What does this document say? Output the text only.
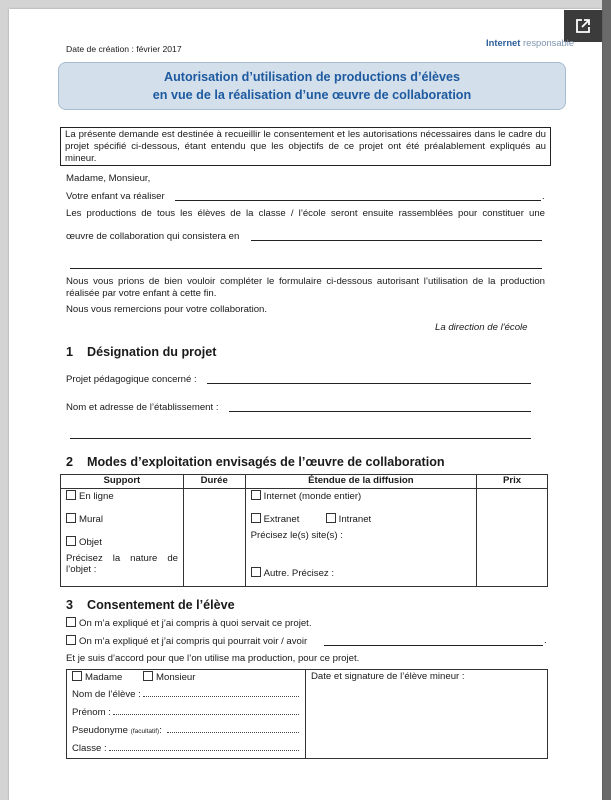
Date de création : février 2017
Internet responsable
Autorisation d’utilisation de productions d’élèves
en vue de la réalisation d’une œuvre de collaboration
La présente demande est destinée à recueillir le consentement et les autorisations nécessaires dans le cadre du projet spécifié ci-dessous, étant entendu que les objectifs de ce projet ont été préalablement expliqués au mineur.
Madame, Monsieur,
Votre enfant va réaliser	.
Les productions de tous les élèves de la classe / l’école seront ensuite rassemblées pour constituer une
œuvre de collaboration qui consistera en
Nous vous prions de bien vouloir compléter le formulaire ci-dessous autorisant l’utilisation de la production réalisée par votre enfant à cette fin.
Nous vous remercions pour votre collaboration.
La direction de l'école
1 Désignation du projet
Projet pédagogique concerné :
Nom et adresse de l’établissement :
2 Modes d’exploitation envisagés de l’œuvre de collaboration
Support	Durée	Étendue de la diffusion	Prix

En ligne
Mural
Objet
Précisez la nature de
l’objet :

Internet (monde entier)
Extranet	Intranet
Précisez le(s) site(s) :
Autre. Précisez :

3 Consentement de l’élève
On m’a expliqué et j’ai compris à quoi servait ce projet.
On m’a expliqué et j’ai compris qui pourrait voir / avoir	.
Et je suis d’accord pour que l’on utilise ma production, pour ce projet.
Madame	Monsieur
Nom de l’élève :
Prénom :
Pseudonyme
(facultatif) :
Classe :
Date et signature de l’élève mineur :
